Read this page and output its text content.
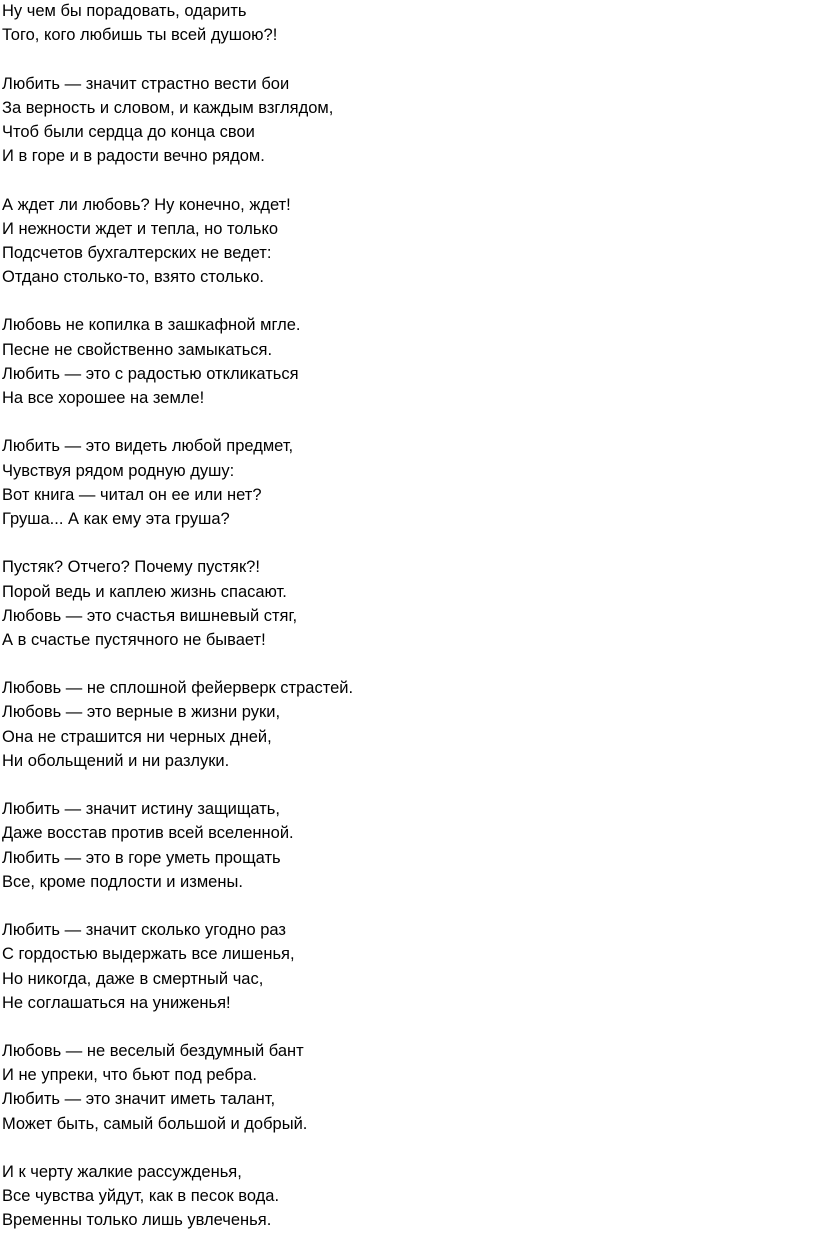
Ну чем бы порадовать, одарить
Того, кого любишь ты всей душою?!
Любить — значит страстно вести бои
За верность и словом, и каждым взглядом,
Чтоб были сердца до конца свои
И в горе и в радости вечно рядом.
А ждет ли любовь? Ну конечно, ждет!
И нежности ждет и тепла, но только
Подсчетов бухгалтерских не ведет:
Отдано столько-то, взято столько.
Любовь не копилка в зашкафной мгле.
Песне не свойственно замыкаться.
Любить — это с радостью откликаться
На все хорошее на земле!
Любить — это видеть любой предмет,
Чувствуя рядом родную душу:
Вот книга — читал он ее или нет?
Груша... А как ему эта груша?
Пустяк? Отчего? Почему пустяк?!
Порой ведь и каплею жизнь спасают.
Любовь — это счастья вишневый стяг,
А в счастье пустячного не бывает!
Любовь — не сплошной фейерверк страстей.
Любовь — это верные в жизни руки,
Она не страшится ни черных дней,
Ни обольщений и ни разлуки.
Любить — значит истину защищать,
Даже восстав против всей вселенной.
Любить — это в горе уметь прощать
Все, кроме подлости и измены.
Любить — значит сколько угодно раз
С гордостью выдержать все лишенья,
Но никогда, даже в смертный час,
Не соглашаться на униженья!
Любовь — не веселый бездумный бант
И не упреки, что бьют под ребра.
Любить — это значит иметь талант,
Может быть, самый большой и добрый.
И к черту жалкие рассужденья,
Все чувства уйдут, как в песок вода.
Временны только лишь увлеченья.
